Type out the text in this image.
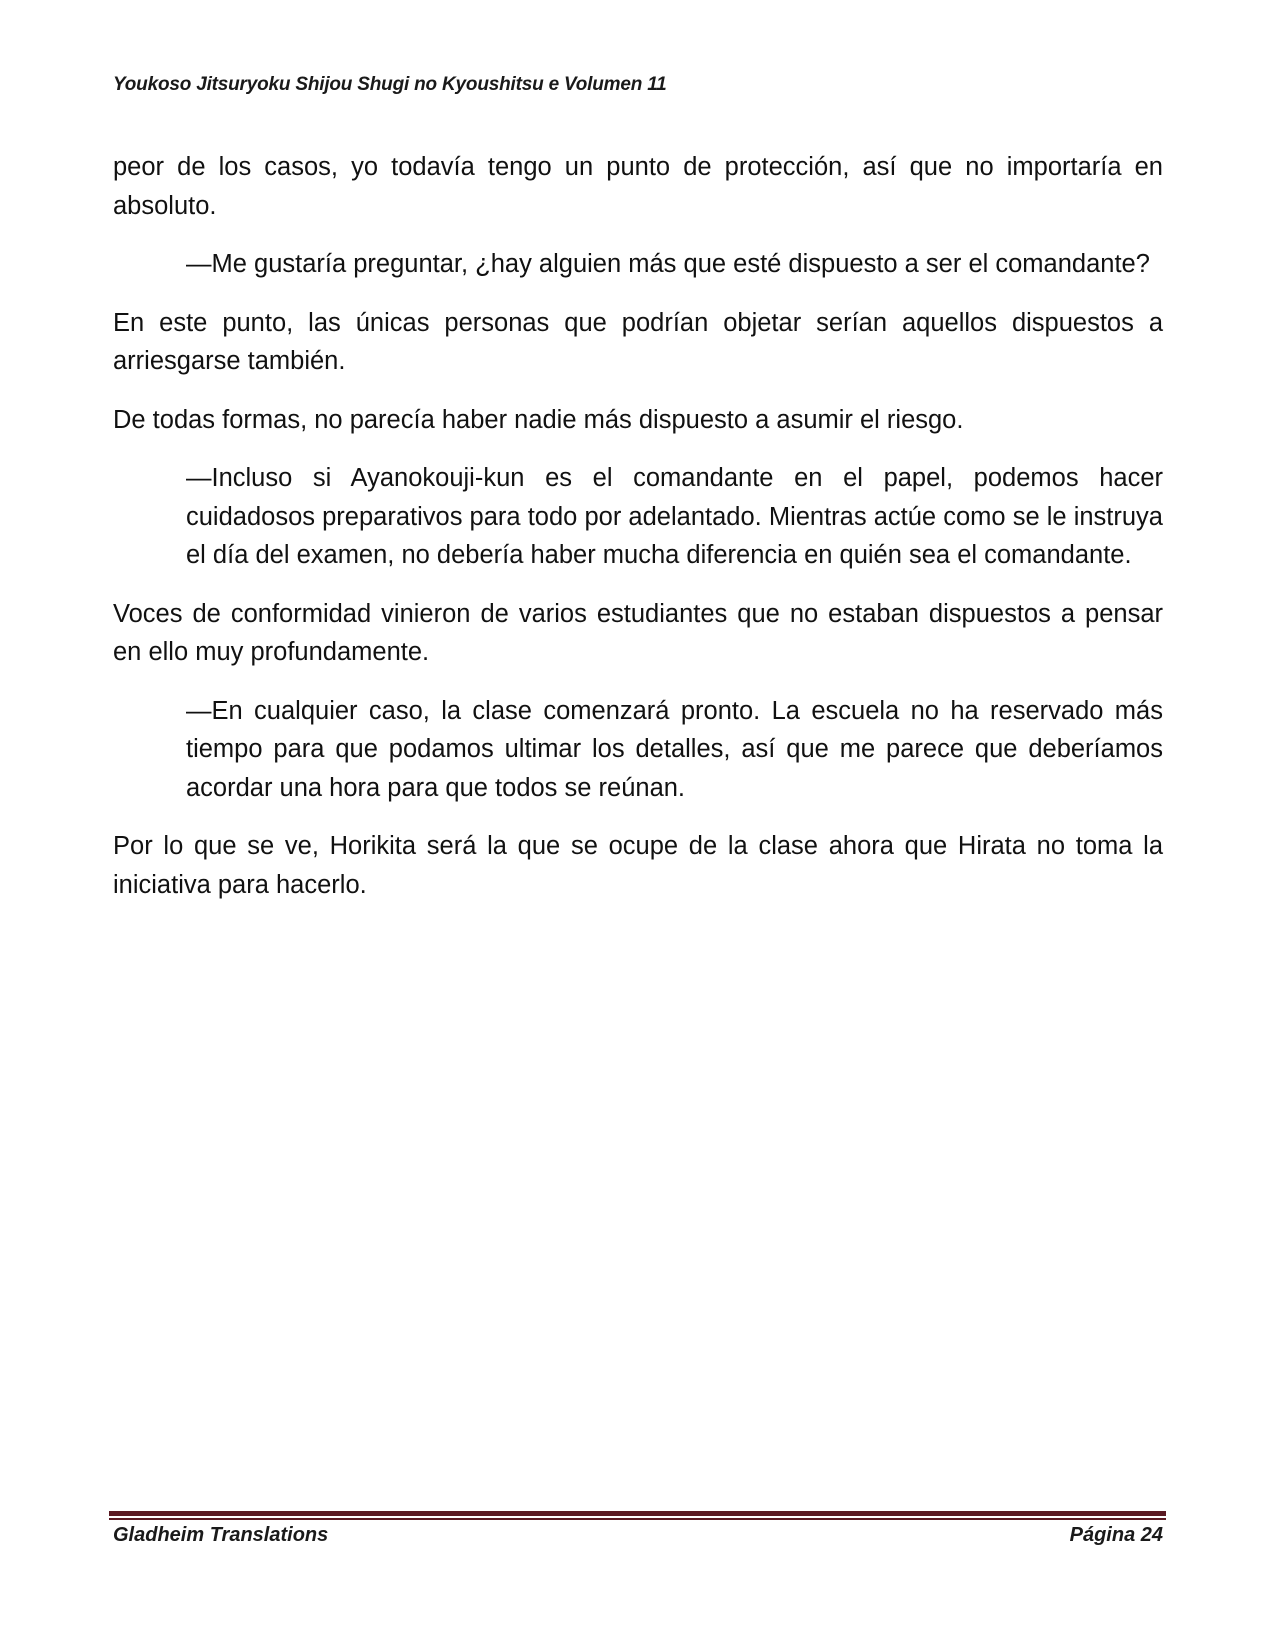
Youkoso Jitsuryoku Shijou Shugi no Kyoushitsu e Volumen 11

peor de los casos, yo todavía tengo un punto de protección, así que no importaría en absoluto.

—Me gustaría preguntar, ¿hay alguien más que esté dispuesto a ser el comandante?

En este punto, las únicas personas que podrían objetar serían aquellos dispuestos a arriesgarse también.

De todas formas, no parecía haber nadie más dispuesto a asumir el riesgo.

—Incluso si Ayanokouji-kun es el comandante en el papel, podemos hacer cuidadosos preparativos para todo por adelantado. Mientras actúe como se le instruya el día del examen, no debería haber mucha diferencia en quién sea el comandante.

Voces de conformidad vinieron de varios estudiantes que no estaban dispuestos a pensar en ello muy profundamente.

—En cualquier caso, la clase comenzará pronto. La escuela no ha reservado más tiempo para que podamos ultimar los detalles, así que me parece que deberíamos acordar una hora para que todos se reúnan.

Por lo que se ve, Horikita será la que se ocupe de la clase ahora que Hirata no toma la iniciativa para hacerlo.

Gladheim Translations	Página 24
